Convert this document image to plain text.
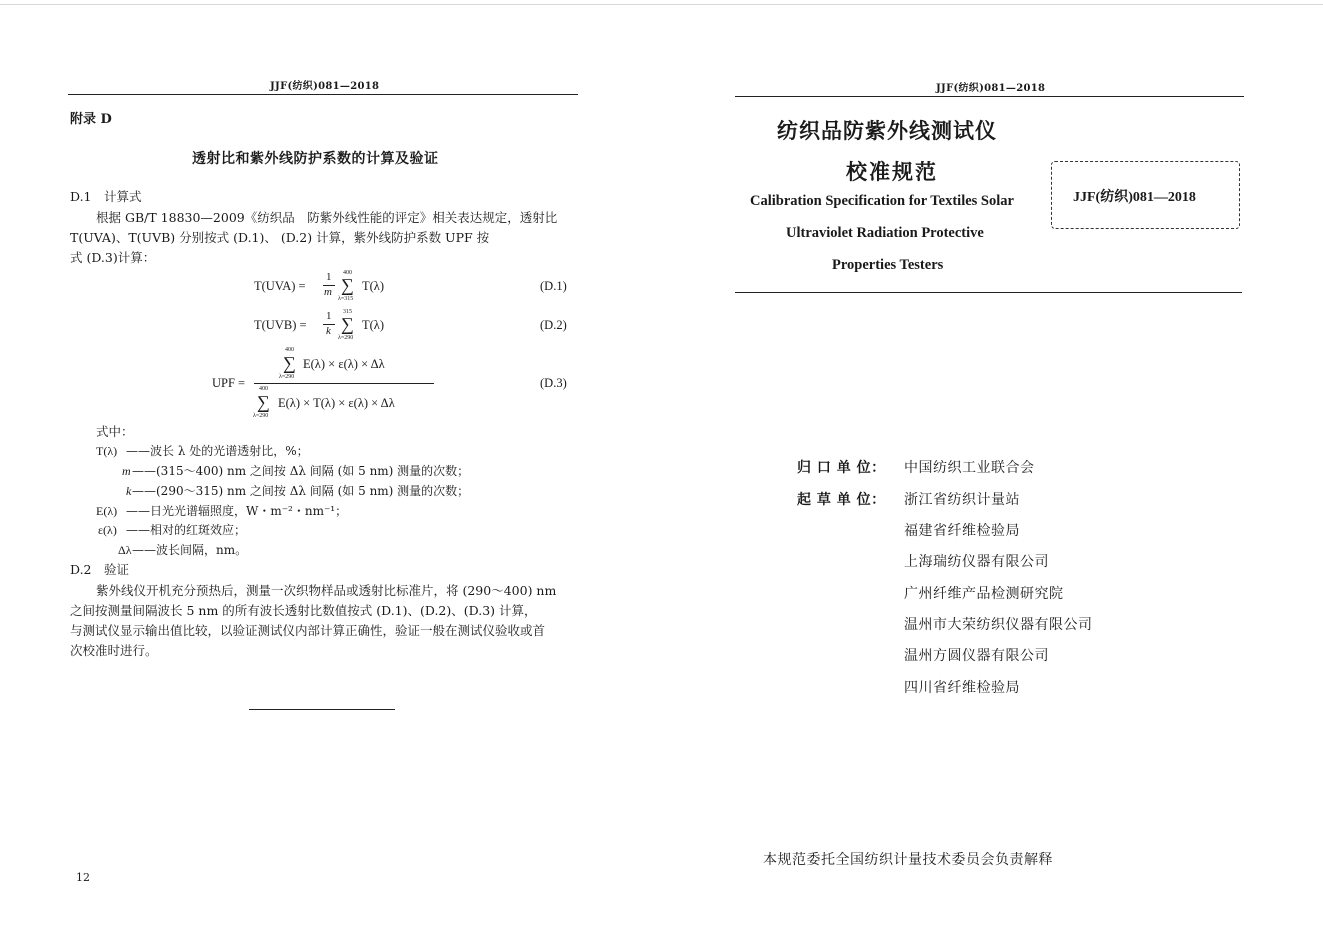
JJF(纺织)081—2018
附录 D
透射比和紫外线防护系数的计算及验证
D.1　计算式
根据 GB/T 18830—2009《纺织品　防紫外线性能的评定》相关表达规定，透射比
T(UVA)、T(UVB) 分别按式 (D.1)、 (D.2) 计算，紫外线防护系数 UPF 按
式 (D.3)计算：
T(UVA) =
1
m
400
∑
λ=315
T(λ)	(D.1)
T(UVB) =
1
k
315
∑
λ=290
T(λ)	(D.2)
UPF =
400
∑
λ=290
E(λ) × ε(λ) × Δλ
400
∑
λ=290
E(λ) × T(λ) × ε(λ) × Δλ
(D.3)
式中：
T(λ) ——波长 λ 处的光谱透射比，%；
m ——(315～400) nm 之间按 Δλ 间隔 (如 5 nm) 测量的次数；
k ——(290～315) nm 之间按 Δλ 间隔 (如 5 nm) 测量的次数；
E(λ) ——日光光谱辐照度，W・m⁻²・nm⁻¹；
ε(λ) ——相对的红斑效应；
Δλ ——波长间隔，nm。
D.2　验证
紫外线仪开机充分预热后，测量一次织物样品或透射比标准片，将 (290～400) nm
之间按测量间隔波长 5 nm 的所有波长透射比数值按式 (D.1)、(D.2)、(D.3) 计算，
与测试仪显示输出值比较，以验证测试仪内部计算正确性，验证一般在测试仪验收或首
次校准时进行。
12
JJF(纺织)081—2018
纺织品防紫外线测试仪
校准规范
Calibration Specification for Textiles Solar
Ultraviolet Radiation Protective
Properties Testers
JJF(纺织)081—2018
归 口 单 位： 中国纺织工业联合会
起 草 单 位： 浙江省纺织计量站
福建省纤维检验局
上海瑞纺仪器有限公司
广州纤维产品检测研究院
温州市大荣纺织仪器有限公司
温州方圆仪器有限公司
四川省纤维检验局
本规范委托全国纺织计量技术委员会负责解释
